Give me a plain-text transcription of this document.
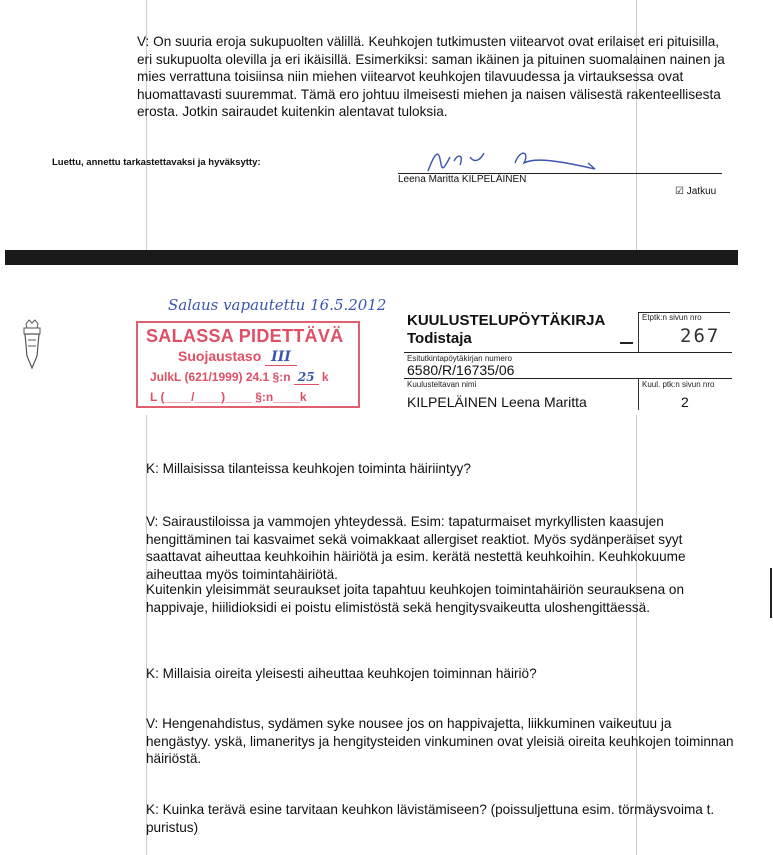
V: On suuria eroja sukupuolten välillä. Keuhkojen tutkimusten viitearvot ovat erilaiset eri pituisilla, eri sukupuolta olevilla ja eri ikäisillä. Esimerkiksi: saman ikäinen ja pituinen suomalainen nainen ja mies verrattuna toisiinsa niin miehen viitearvot keuhkojen tilavuudessa ja virtauksessa ovat huomattavasti suuremmat. Tämä ero johtuu ilmeisesti miehen ja naisen välisestä rakenteellisesta erosta. Jotkin sairaudet kuitenkin alentavat tuloksia.
Luettu, annettu tarkastettavaksi ja hyväksytty:
Leena Maritta KILPELÄINEN
☑ Jatkuu
Salaus vapautettu 16.5.2012
SALASSA PIDETTÄVÄ
Suojaustaso III
JulkL (621/1999) 24.1 §:n 25 k
L (____/____)____ §:n____k
KUULUSTELUPÖYTÄKIRJA
Todistaja
Etptk:n sivun nro
267
Esitutkintapöytäkirjan numero
6580/R/16735/06
Kuulusteltavan nimi
KILPELÄINEN Leena Maritta
Kuul. ptk:n sivun nro
2
K: Millaisissa tilanteissa keuhkojen toiminta häiriintyy?
V: Sairaustiloissa ja vammojen yhteydessä. Esim: tapaturmaiset myrkyllisten kaasujen hengittäminen tai kasvaimet sekä voimakkaat allergiset reaktiot. Myös sydänperäiset syyt saattavat aiheuttaa keuhkoihin häiriötä ja esim. kerätä nestettä keuhkoihin. Keuhkokuume aiheuttaa myös toimintahäiriötä.
Kuitenkin yleisimmät seuraukset joita tapahtuu keuhkojen toimintahäiriön seurauksena on happivaje, hiilidioksidi ei poistu elimistöstä sekä hengitysvaikeutta uloshengittäessä.
K: Millaisia oireita yleisesti aiheuttaa keuhkojen toiminnan häiriö?
V: Hengenahdistus, sydämen syke nousee jos on happivajetta, liikkuminen vaikeutuu ja hengästyy. yskä, limaneritys ja hengitysteiden vinkuminen ovat yleisiä oireita keuhkojen toiminnan häiriöstä.
K: Kuinka terävä esine tarvitaan keuhkon lävistämiseen? (poissuljettuna esim. törmäysvoima t. puristus)
